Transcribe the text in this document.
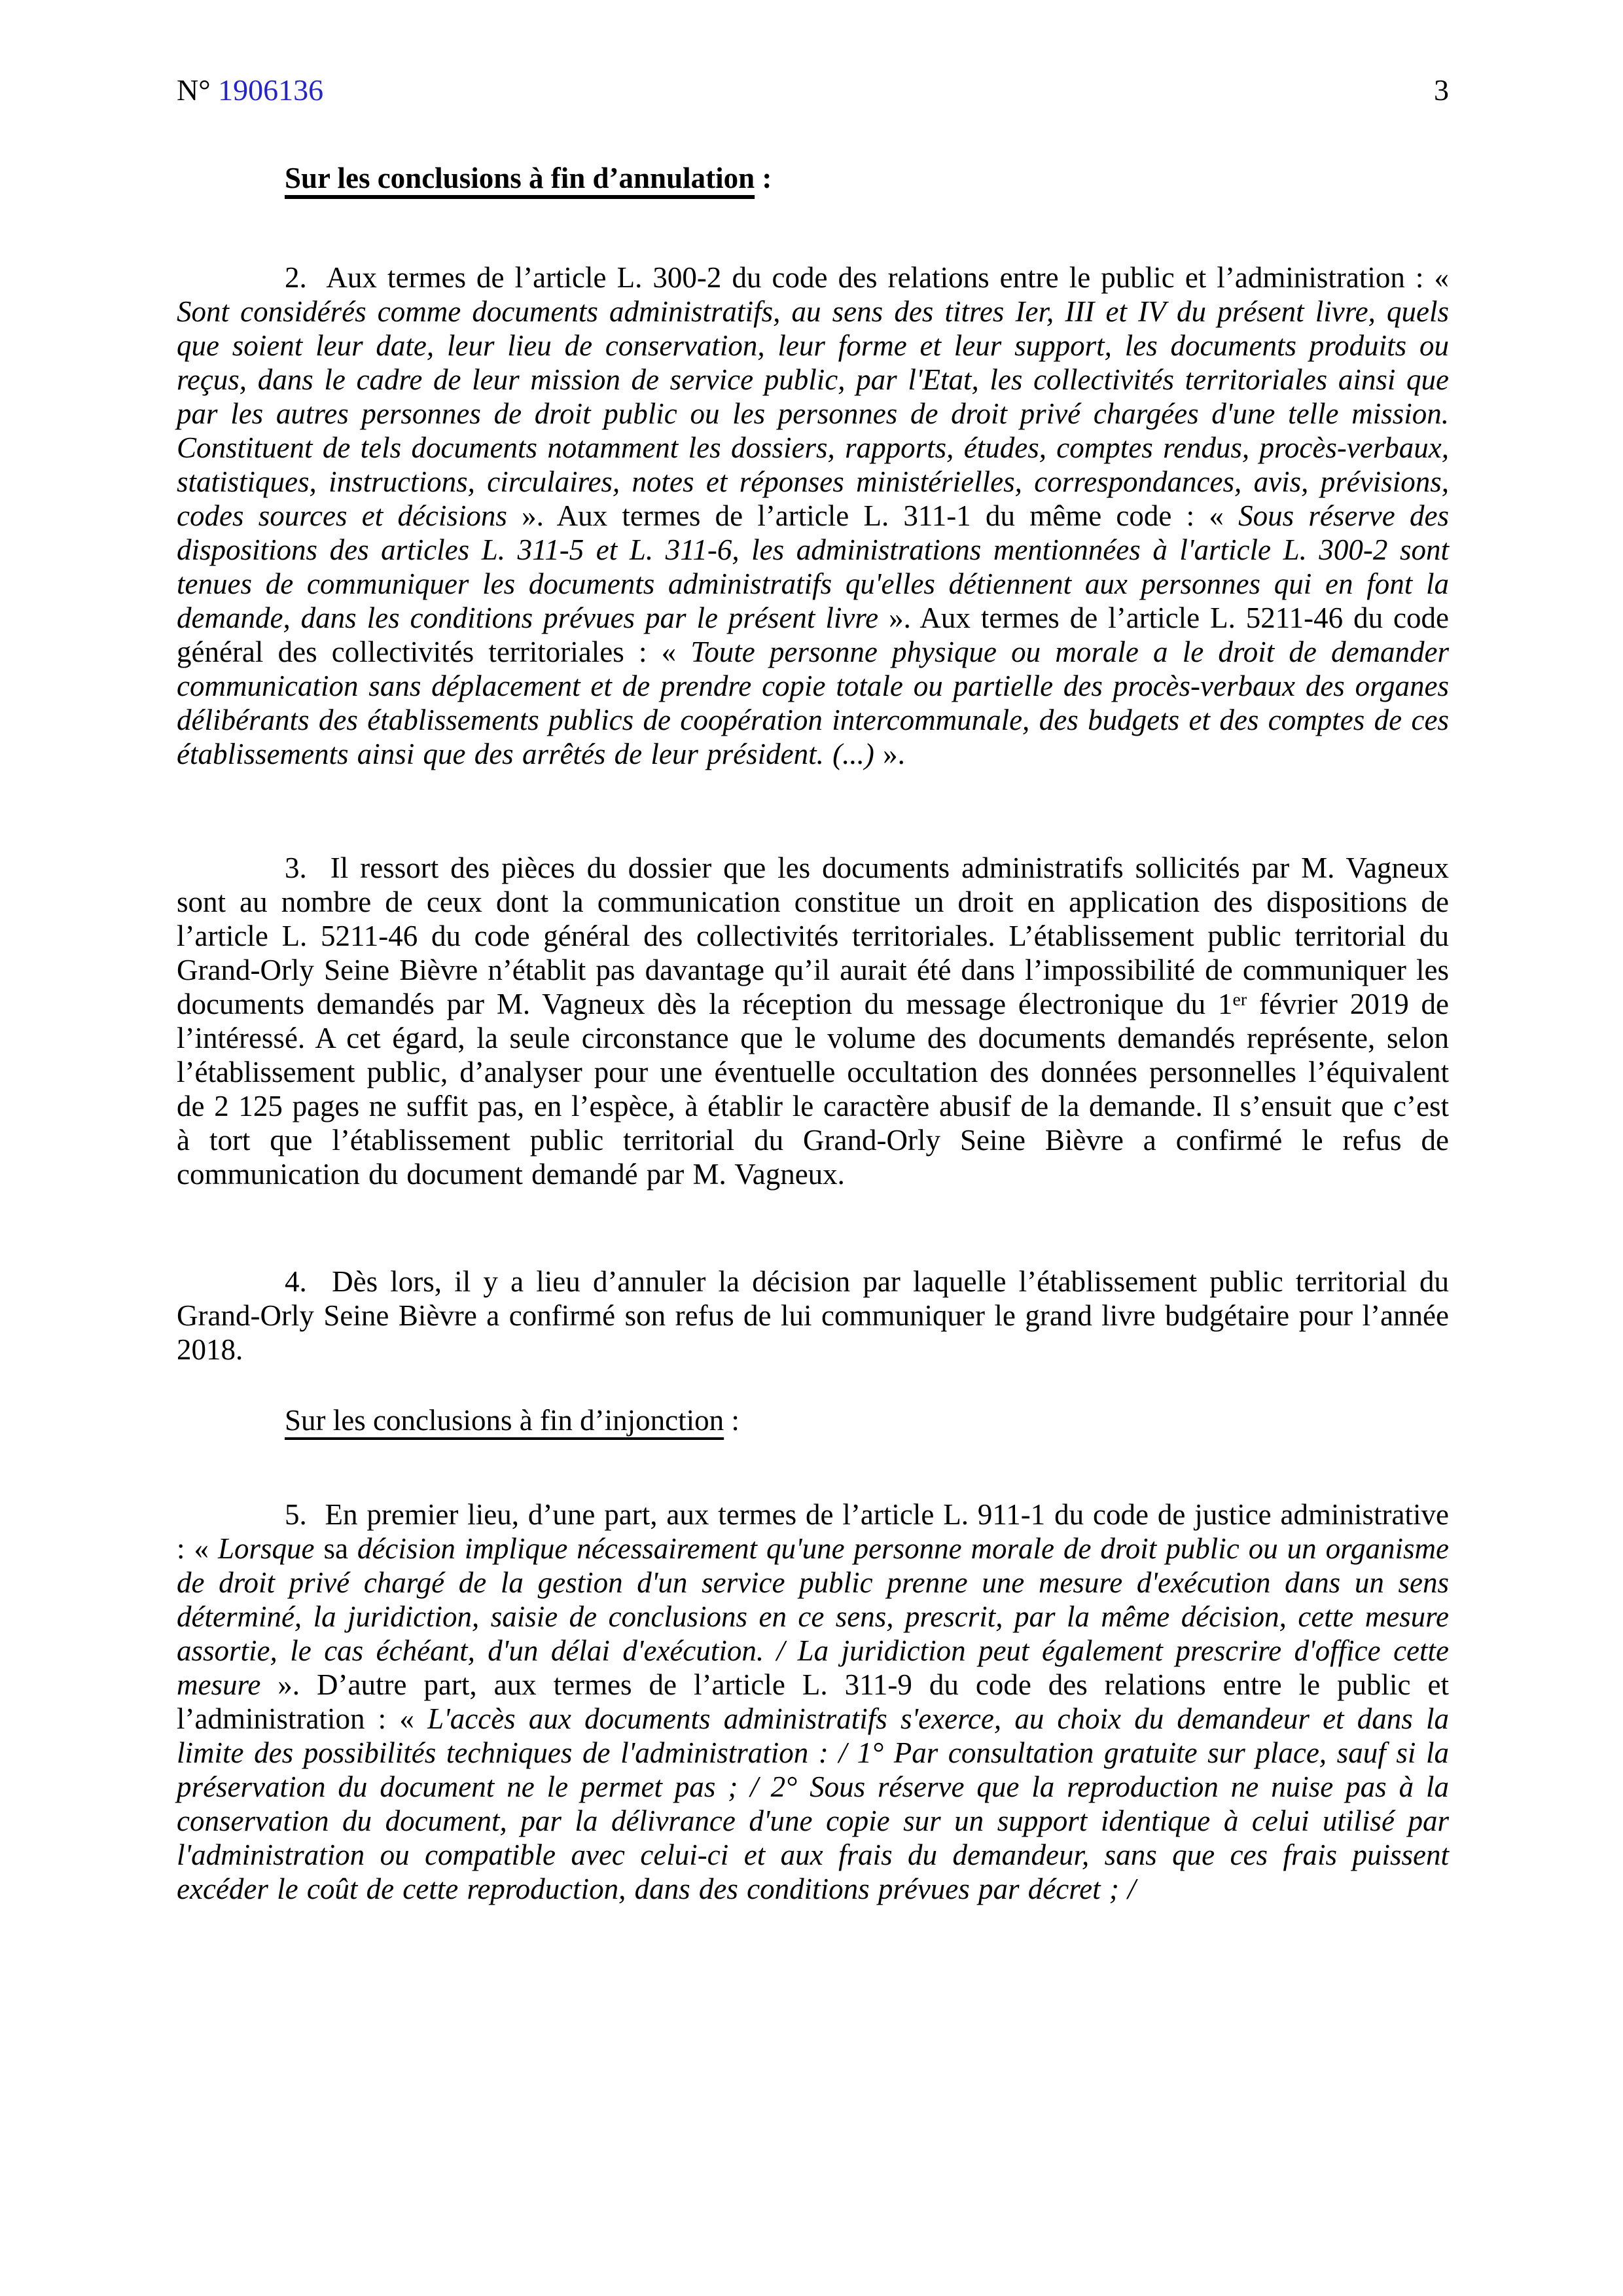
N° 1906136	3
Sur les conclusions à fin d’annulation :
2.  Aux termes de l’article L. 300-2 du code des relations entre le public et l’administration : « Sont considérés comme documents administratifs, au sens des titres Ier, III et IV du présent livre, quels que soient leur date, leur lieu de conservation, leur forme et leur support, les documents produits ou reçus, dans le cadre de leur mission de service public, par l'Etat, les collectivités territoriales ainsi que par les autres personnes de droit public ou les personnes de droit privé chargées d'une telle mission. Constituent de tels documents notamment les dossiers, rapports, études, comptes rendus, procès-verbaux, statistiques, instructions, circulaires, notes et réponses ministérielles, correspondances, avis, prévisions, codes sources et décisions ». Aux termes de l’article L. 311-1 du même code : « Sous réserve des dispositions des articles L. 311-5 et L. 311-6, les administrations mentionnées à l'article L. 300-2 sont tenues de communiquer les documents administratifs qu'elles détiennent aux personnes qui en font la demande, dans les conditions prévues par le présent livre ». Aux termes de l’article L. 5211-46 du code général des collectivités territoriales : « Toute personne physique ou morale a le droit de demander communication sans déplacement et de prendre copie totale ou partielle des procès-verbaux des organes délibérants des établissements publics de coopération intercommunale, des budgets et des comptes de ces établissements ainsi que des arrêtés de leur président. (...) ».
3.  Il ressort des pièces du dossier que les documents administratifs sollicités par M. Vagneux sont au nombre de ceux dont la communication constitue un droit en application des dispositions de l’article L. 5211-46 du code général des collectivités territoriales. L’établissement public territorial du Grand-Orly Seine Bièvre n’établit pas davantage qu’il aurait été dans l’impossibilité de communiquer les documents demandés par M. Vagneux dès la réception du message électronique du 1er février 2019 de l’intéressé. A cet égard, la seule circonstance que le volume des documents demandés représente, selon l’établissement public, d’analyser pour une éventuelle occultation des données personnelles l’équivalent de 2 125 pages ne suffit pas, en l’espèce, à établir le caractère abusif de la demande. Il s’ensuit que c’est à tort que l’établissement public territorial du Grand-Orly Seine Bièvre a confirmé le refus de communication du document demandé par M. Vagneux.
4.  Dès lors, il y a lieu d’annuler la décision par laquelle l’établissement public territorial du Grand-Orly Seine Bièvre a confirmé son refus de lui communiquer le grand livre budgétaire pour l’année 2018.
Sur les conclusions à fin d’injonction :
5.  En premier lieu, d’une part, aux termes de l’article L. 911-1 du code de justice administrative : « Lorsque sa décision implique nécessairement qu'une personne morale de droit public ou un organisme de droit privé chargé de la gestion d'un service public prenne une mesure d'exécution dans un sens déterminé, la juridiction, saisie de conclusions en ce sens, prescrit, par la même décision, cette mesure assortie, le cas échéant, d'un délai d'exécution. / La juridiction peut également prescrire d'office cette mesure ». D’autre part, aux termes de l’article L. 311-9 du code des relations entre le public et l’administration : « L'accès aux documents administratifs s'exerce, au choix du demandeur et dans la limite des possibilités techniques de l'administration : / 1° Par consultation gratuite sur place, sauf si la préservation du document ne le permet pas ; / 2° Sous réserve que la reproduction ne nuise pas à la conservation du document, par la délivrance d'une copie sur un support identique à celui utilisé par l'administration ou compatible avec celui-ci et aux frais du demandeur, sans que ces frais puissent excéder le coût de cette reproduction, dans des conditions prévues par décret ; /
